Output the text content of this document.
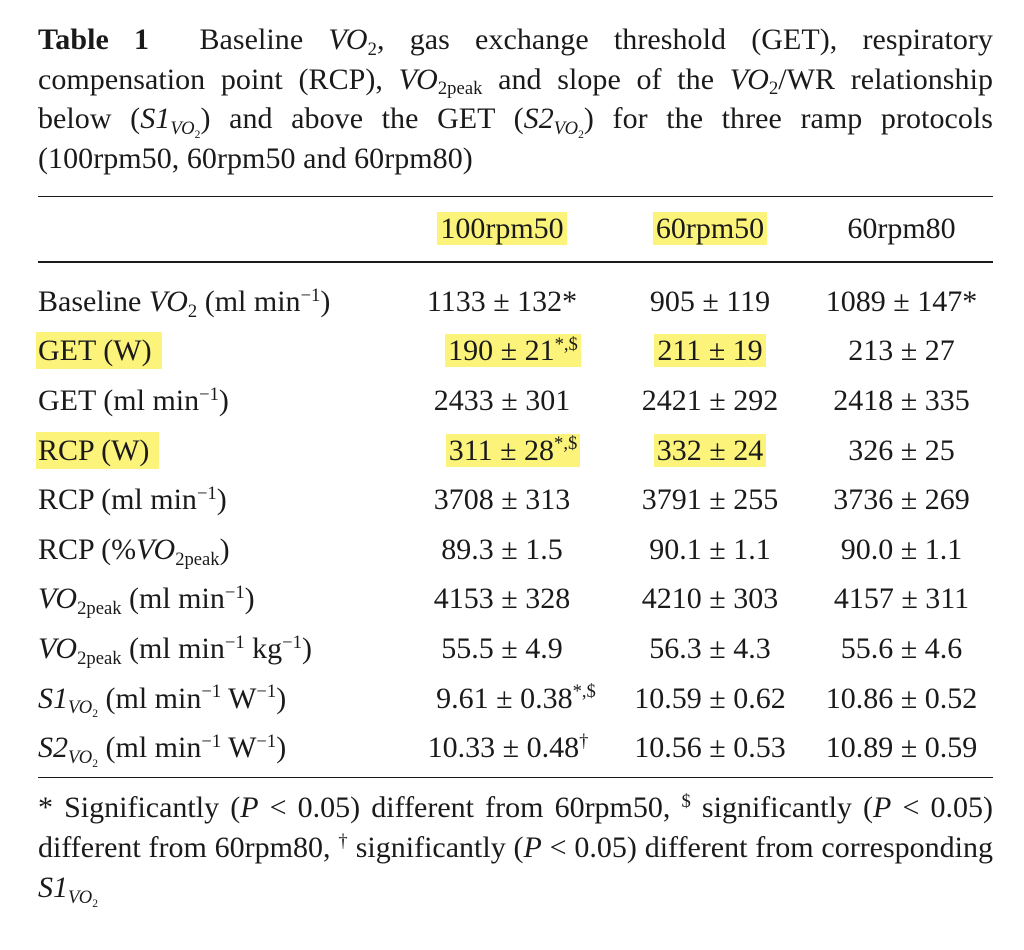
Table 1  Baseline $VO_2$, gas exchange threshold (GET), respiratory compensation point (RCP), $VO_{2peak}$ and slope of the $VO_2/WR$ relationship below $(S1_{VO_2})$ and above the GET $(S2_{VO_2})$ for the three ramp protocols (100rpm50, 60rpm50 and 60rpm80)

	100rpm50	60rpm50	60rpm80
Baseline $VO_2$ (ml $\min^{-1}$)	1133 ± 132*	905 ± 119	1089 ± 147*
GET (W)	190 ± 21*,$	211 ± 19	213 ± 27
GET (ml $\min^{-1}$)	2433 ± 301	2421 ± 292	2418 ± 335
RCP (W)	311 ± 28*,$	332 ± 24	326 ± 25
RCP (ml $\min^{-1}$)	3708 ± 313	3791 ± 255	3736 ± 269
RCP $(\%VO_{2peak})$	89.3 ± 1.5	90.1 ± 1.1	90.0 ± 1.1
$VO_{2peak}$ (ml $\min^{-1}$)	4153 ± 328	4210 ± 303	4157 ± 311
$VO_{2peak}$ (ml $\min^{-1} kg^{-1}$)	55.5 ± 4.9	56.3 ± 4.3	55.6 ± 4.6
$S1_{VO_2}$ (ml $\min^{-1} W^{-1}$)	9.61 ± 0.38*,$	10.59 ± 0.62	10.86 ± 0.52
$S2_{VO_2}$ (ml $\min^{-1} W^{-1}$)	10.33 ± 0.48†	10.56 ± 0.53	10.89 ± 0.59

* Significantly (P < 0.05) different from 60rpm50, $ significantly (P < 0.05) different from 60rpm80, † significantly (P < 0.05) different from corresponding $S1_{VO_2}$
